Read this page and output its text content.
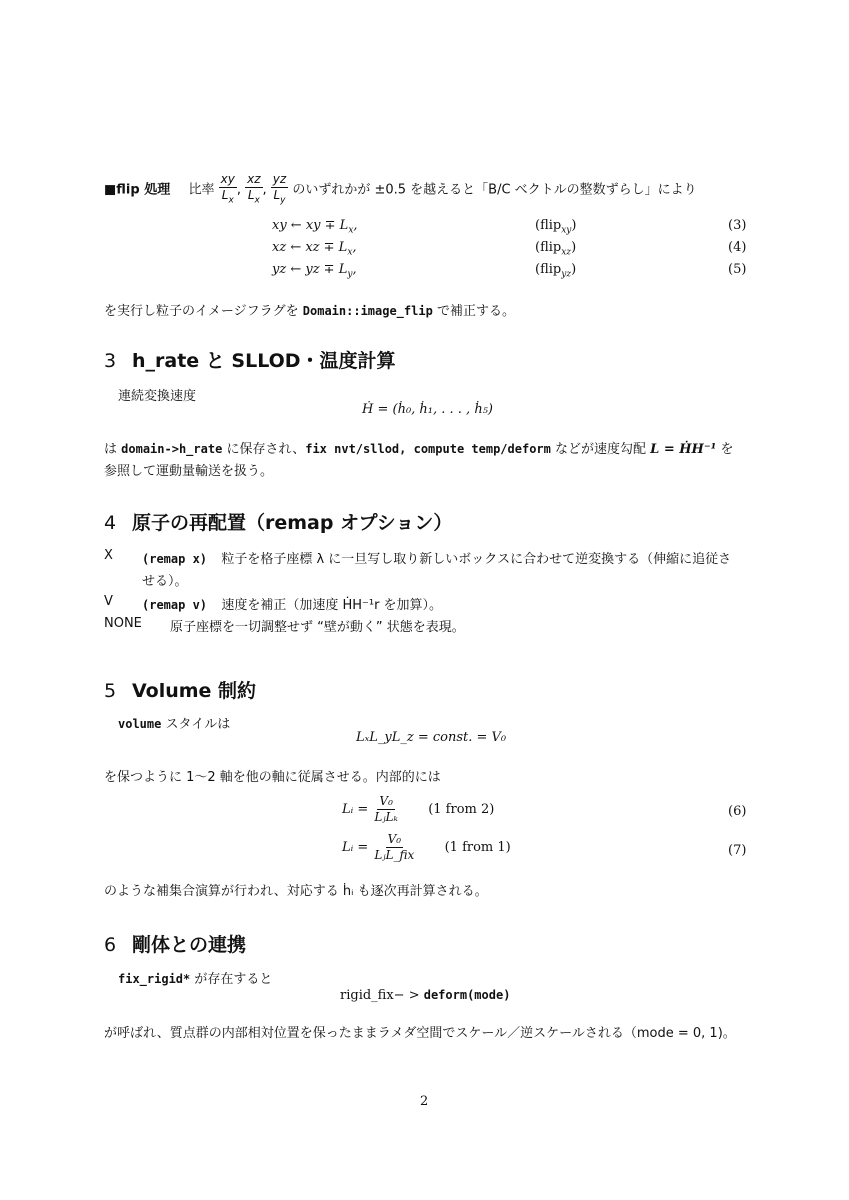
■flip 処理 比率 $\frac{xy}{L_x}$ , $\frac{xz}{L_x}$ , $\frac{yz}{L_y}$ のいずれかが ±0.5 を越えると「B/C ベクトルの整数ずらし」により
xy ← xy ∓ $L_x$,	(flip$_{xy}$)	(3)
xz ← xz ∓ $L_x$,	(flip$_{xz}$)	(4)
yz ← yz ∓ $L_y$,	(flip$_{yz}$)	(5)
を実行し粒子のイメージフラグを Domain::image_flip で補正する。
3 h_rate と SLLOD・温度計算
連続変換速度
Ḣ = (ḣ₀, ḣ₁, . . . , ḣ₅)
は domain->h_rate に保存され、fix nvt/sllod, compute temp/deform などが速度勾配 L = ḢH⁻¹ を
参照して運動量輸送を扱う。
4 原子の再配置（remap オプション）
X (remap x) 粒子を格子座標 λ に一旦写し取り新しいボックスに合わせて逆変換する（伸縮に追従さ
せる）。
V (remap v) 速度を補正（加速度 ḢH⁻¹r を加算）。
NONE 原子座標を一切調整せず “壁が動く” 状態を表現。
5 Volume 制約
volume スタイルは
LₓL_yL_z = const. = V₀
を保つように 1〜2 軸を他の軸に従属させる。内部的には
Lᵢ = $\frac{\text{V₀}}{\text{LⱼLₖ}} (1$ from 2)	(6)
Lᵢ = $\frac{\text{V₀}}{\text{LⱼL\_fix}} (1$ from 1)	(7)
のような補集合演算が行われ、対応する ḣᵢ も逐次再計算される。
6 剛体との連携
fix_rigid* が存在すると
rigid_fix− > deform(mode)
が呼ばれ、質点群の内部相対位置を保ったままラメダ空間でスケール／逆スケールされる（mode = 0, 1)。
2
